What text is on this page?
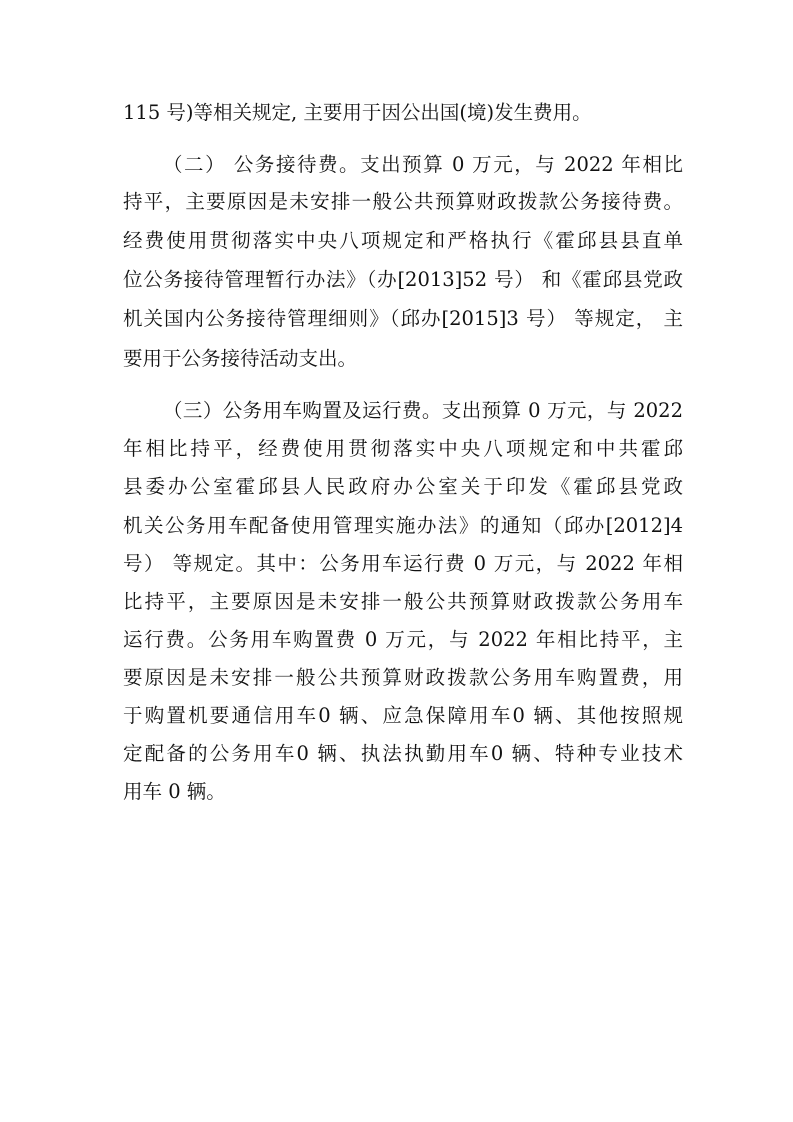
115 号)等相关规定, 主要用于因公出国(境)发生费用。
（二） 公务接待费。支出预算 0 万元，与 2022 年相比
持平，主要原因是未安排一般公共预算财政拨款公务接待费。
经费使用贯彻落实中央八项规定和严格执行《霍邱县县直单
位公务接待管理暂行办法》（办[2013]52 号） 和《霍邱县党政
机关国内公务接待管理细则》（邱办[2015]3 号） 等规定， 主
要用于公务接待活动支出。
（三）公务用车购置及运行费。支出预算 0 万元，与 2022
年相比持平，经费使用贯彻落实中央八项规定和中共霍邱
县委办公室霍邱县人民政府办公室关于印发《霍邱县党政
机关公务用车配备使用管理实施办法》的通知（邱办[2012]4
号） 等规定。其中：公务用车运行费 0 万元，与 2022 年相
比持平，主要原因是未安排一般公共预算财政拨款公务用车
运行费。公务用车购置费 0 万元，与 2022 年相比持平，主
要原因是未安排一般公共预算财政拨款公务用车购置费，用
于购置机要通信用车0 辆、应急保障用车0 辆、其他按照规
定配备的公务用车0 辆、执法执勤用车0 辆、特种专业技术
用车 0 辆。
